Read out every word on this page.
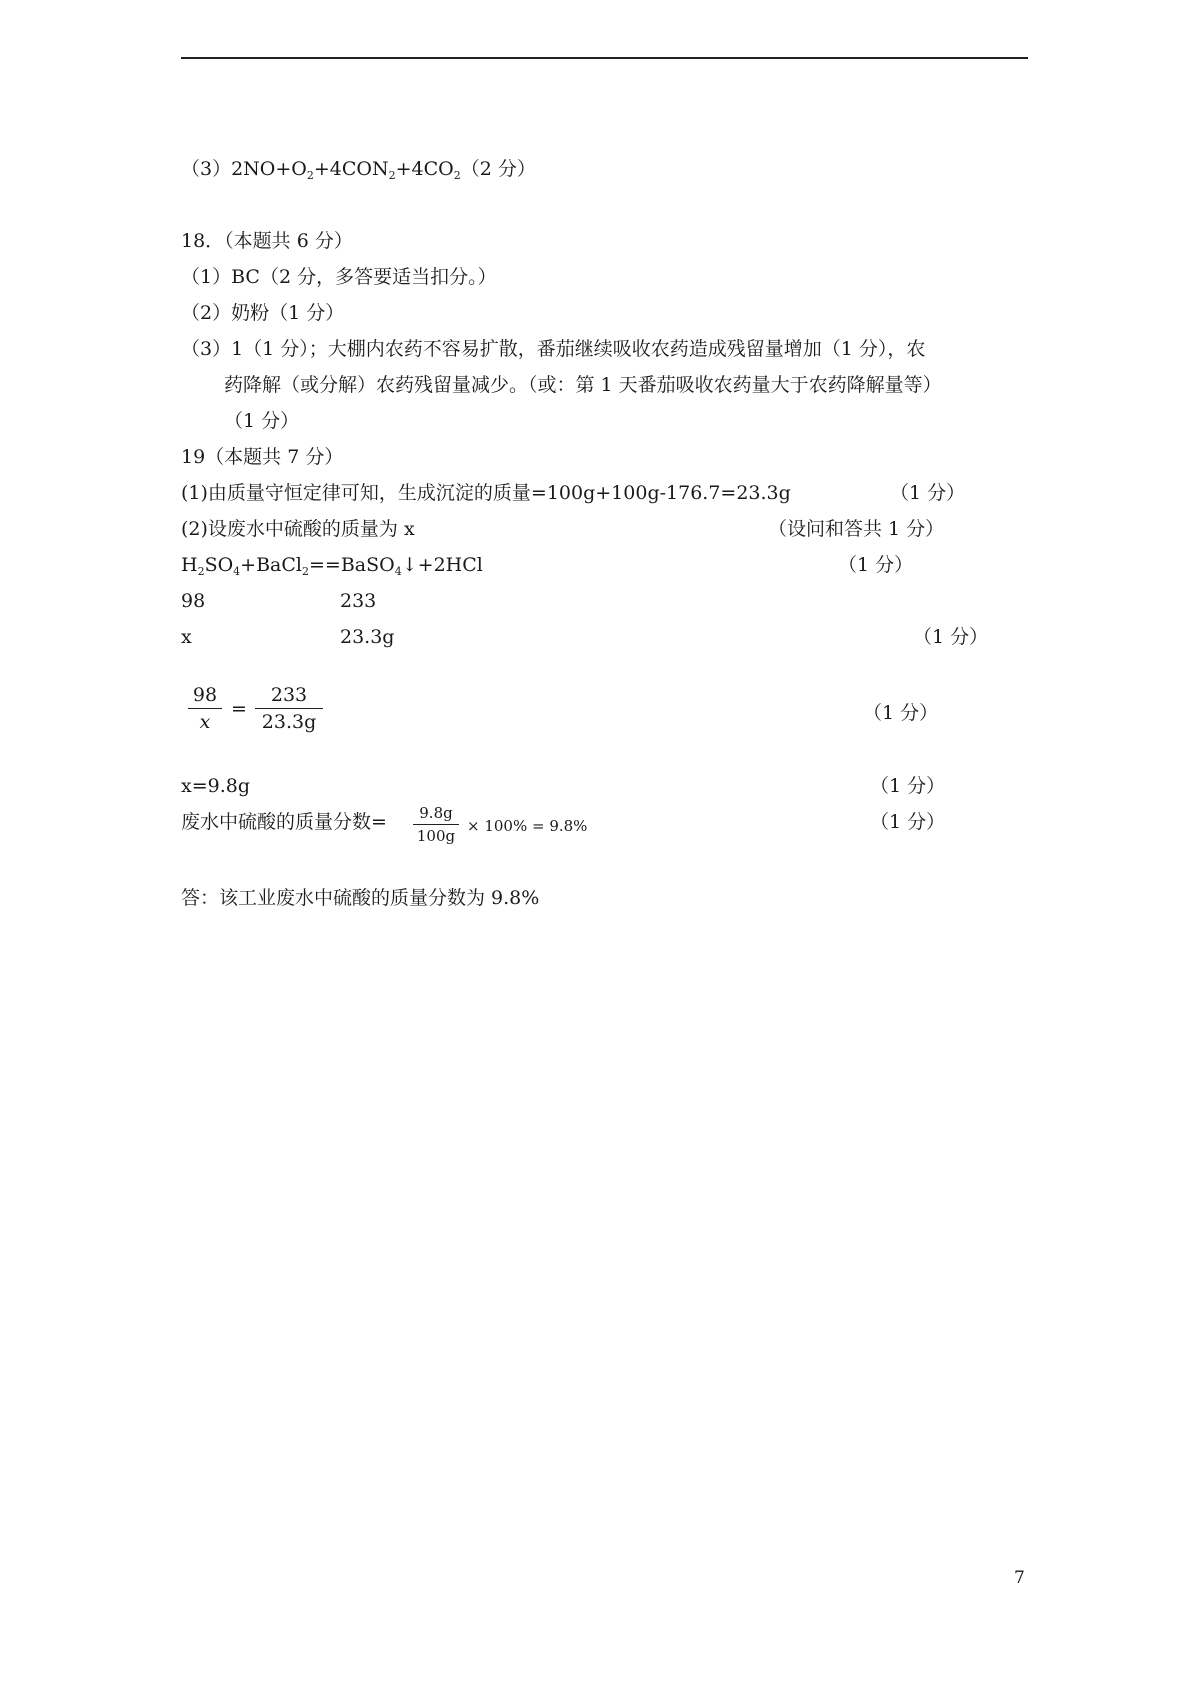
$(3)2NO+O_2+4CON_2+4CO_2(2$ 分）
18．（本题共 6 分）
（1）BC（2 分，多答要适当扣分。）
（2）奶粉（1 分）
（3）1（1 分）；大棚内农药不容易扩散，番茄继续吸收农药造成残留量增加（1 分），农
药降解（或分解）农药残留量减少。（或：第 1 天番茄吸收农药量大于农药降解量等）
（1 分）
19（本题共 7 分）
(1)由质量守恒定律可知，生成沉淀的质量=100g+100g-176.7=23.3g	（1 分）
(2)设废水中硫酸的质量为 x	（设问和答共 1 分）
$H_2SO_4+BaCl_2==BaSO_4↓+2HCl$	（1 分）
98	233
x	23.3g	（1 分）
$\frac{98}{x} = \frac{233}{23.3g}$	（1 分）
x=9.8g	（1 分）
废水中硫酸的质量分数= $\frac{9.8g}{100g} \times 100\% = 9.8\%$	（1 分）
答：该工业废水中硫酸的质量分数为 9.8%
7
